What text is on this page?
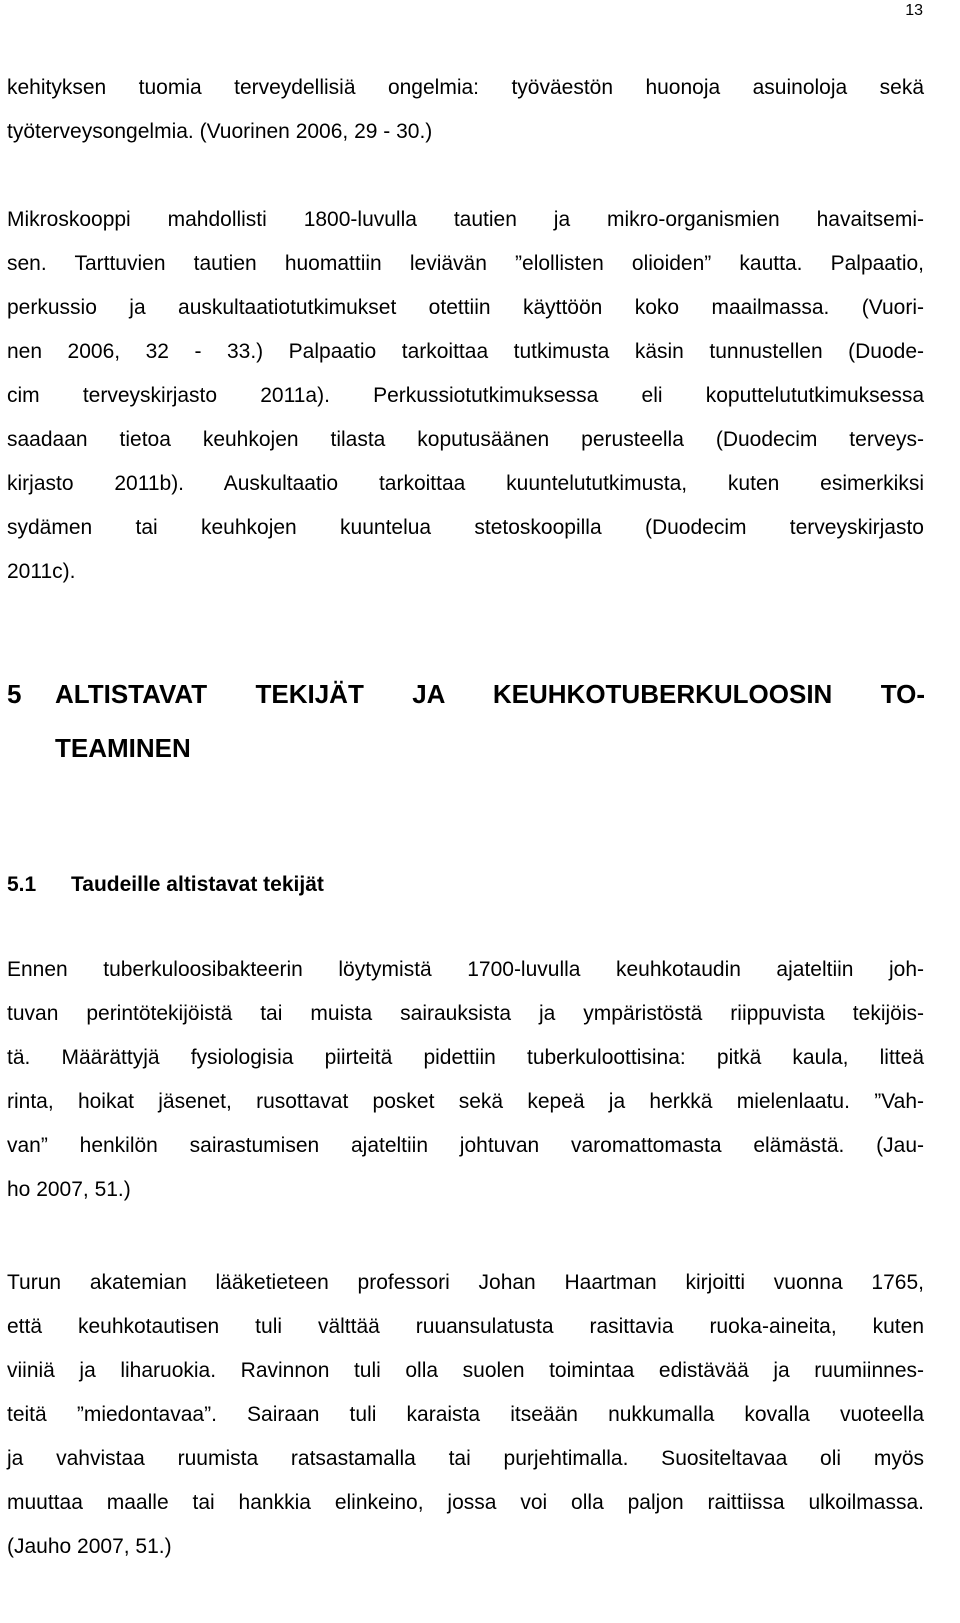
13
kehityksen tuomia terveydellisiä ongelmia: työväestön huonoja asuinoloja sekä
työterveysongelmia. (Vuorinen 2006, 29 - 30.)
Mikroskooppi mahdollisti 1800-luvulla tautien ja mikro-organismien havaitsemi-
sen. Tarttuvien tautien huomattiin leviävän ”elollisten olioiden” kautta. Palpaatio,
perkussio ja auskultaatiotutkimukset otettiin käyttöön koko maailmassa. (Vuori-
nen 2006, 32 - 33.) Palpaatio tarkoittaa tutkimusta käsin tunnustellen (Duode-
cim terveyskirjasto 2011a). Perkussiotutkimuksessa eli koputtelututkimuksessa
saadaan tietoa keuhkojen tilasta koputusäänen perusteella (Duodecim terveys-
kirjasto 2011b). Auskultaatio tarkoittaa kuuntelututkimusta, kuten esimerkiksi
sydämen tai keuhkojen kuuntelua stetoskoopilla (Duodecim terveyskirjasto
2011c).
5 ALTISTAVAT TEKIJÄT JA KEUHKOTUBERKULOOSIN TO-
TEAMINEN
5.1 Taudeille altistavat tekijät
Ennen tuberkuloosibakteerin löytymistä 1700-luvulla keuhkotaudin ajateltiin joh-
tuvan perintötekijöistä tai muista sairauksista ja ympäristöstä riippuvista tekijöis-
tä. Määrättyjä fysiologisia piirteitä pidettiin tuberkuloottisina: pitkä kaula, litteä
rinta, hoikat jäsenet, rusottavat posket sekä kepeä ja herkkä mielenlaatu. ”Vah-
van” henkilön sairastumisen ajateltiin johtuvan varomattomasta elämästä. (Jau-
ho 2007, 51.)
Turun akatemian lääketieteen professori Johan Haartman kirjoitti vuonna 1765,
että keuhkotautisen tuli välttää ruuansulatusta rasittavia ruoka-aineita, kuten
viiniä ja liharuokia. Ravinnon tuli olla suolen toimintaa edistävää ja ruumiinnes-
teitä ”miedontavaa”. Sairaan tuli karaista itseään nukkumalla kovalla vuoteella
ja vahvistaa ruumista ratsastamalla tai purjehtimalla. Suositeltavaa oli myös
muuttaa maalle tai hankkia elinkeino, jossa voi olla paljon raittiissa ulkoilmassa.
(Jauho 2007, 51.)
